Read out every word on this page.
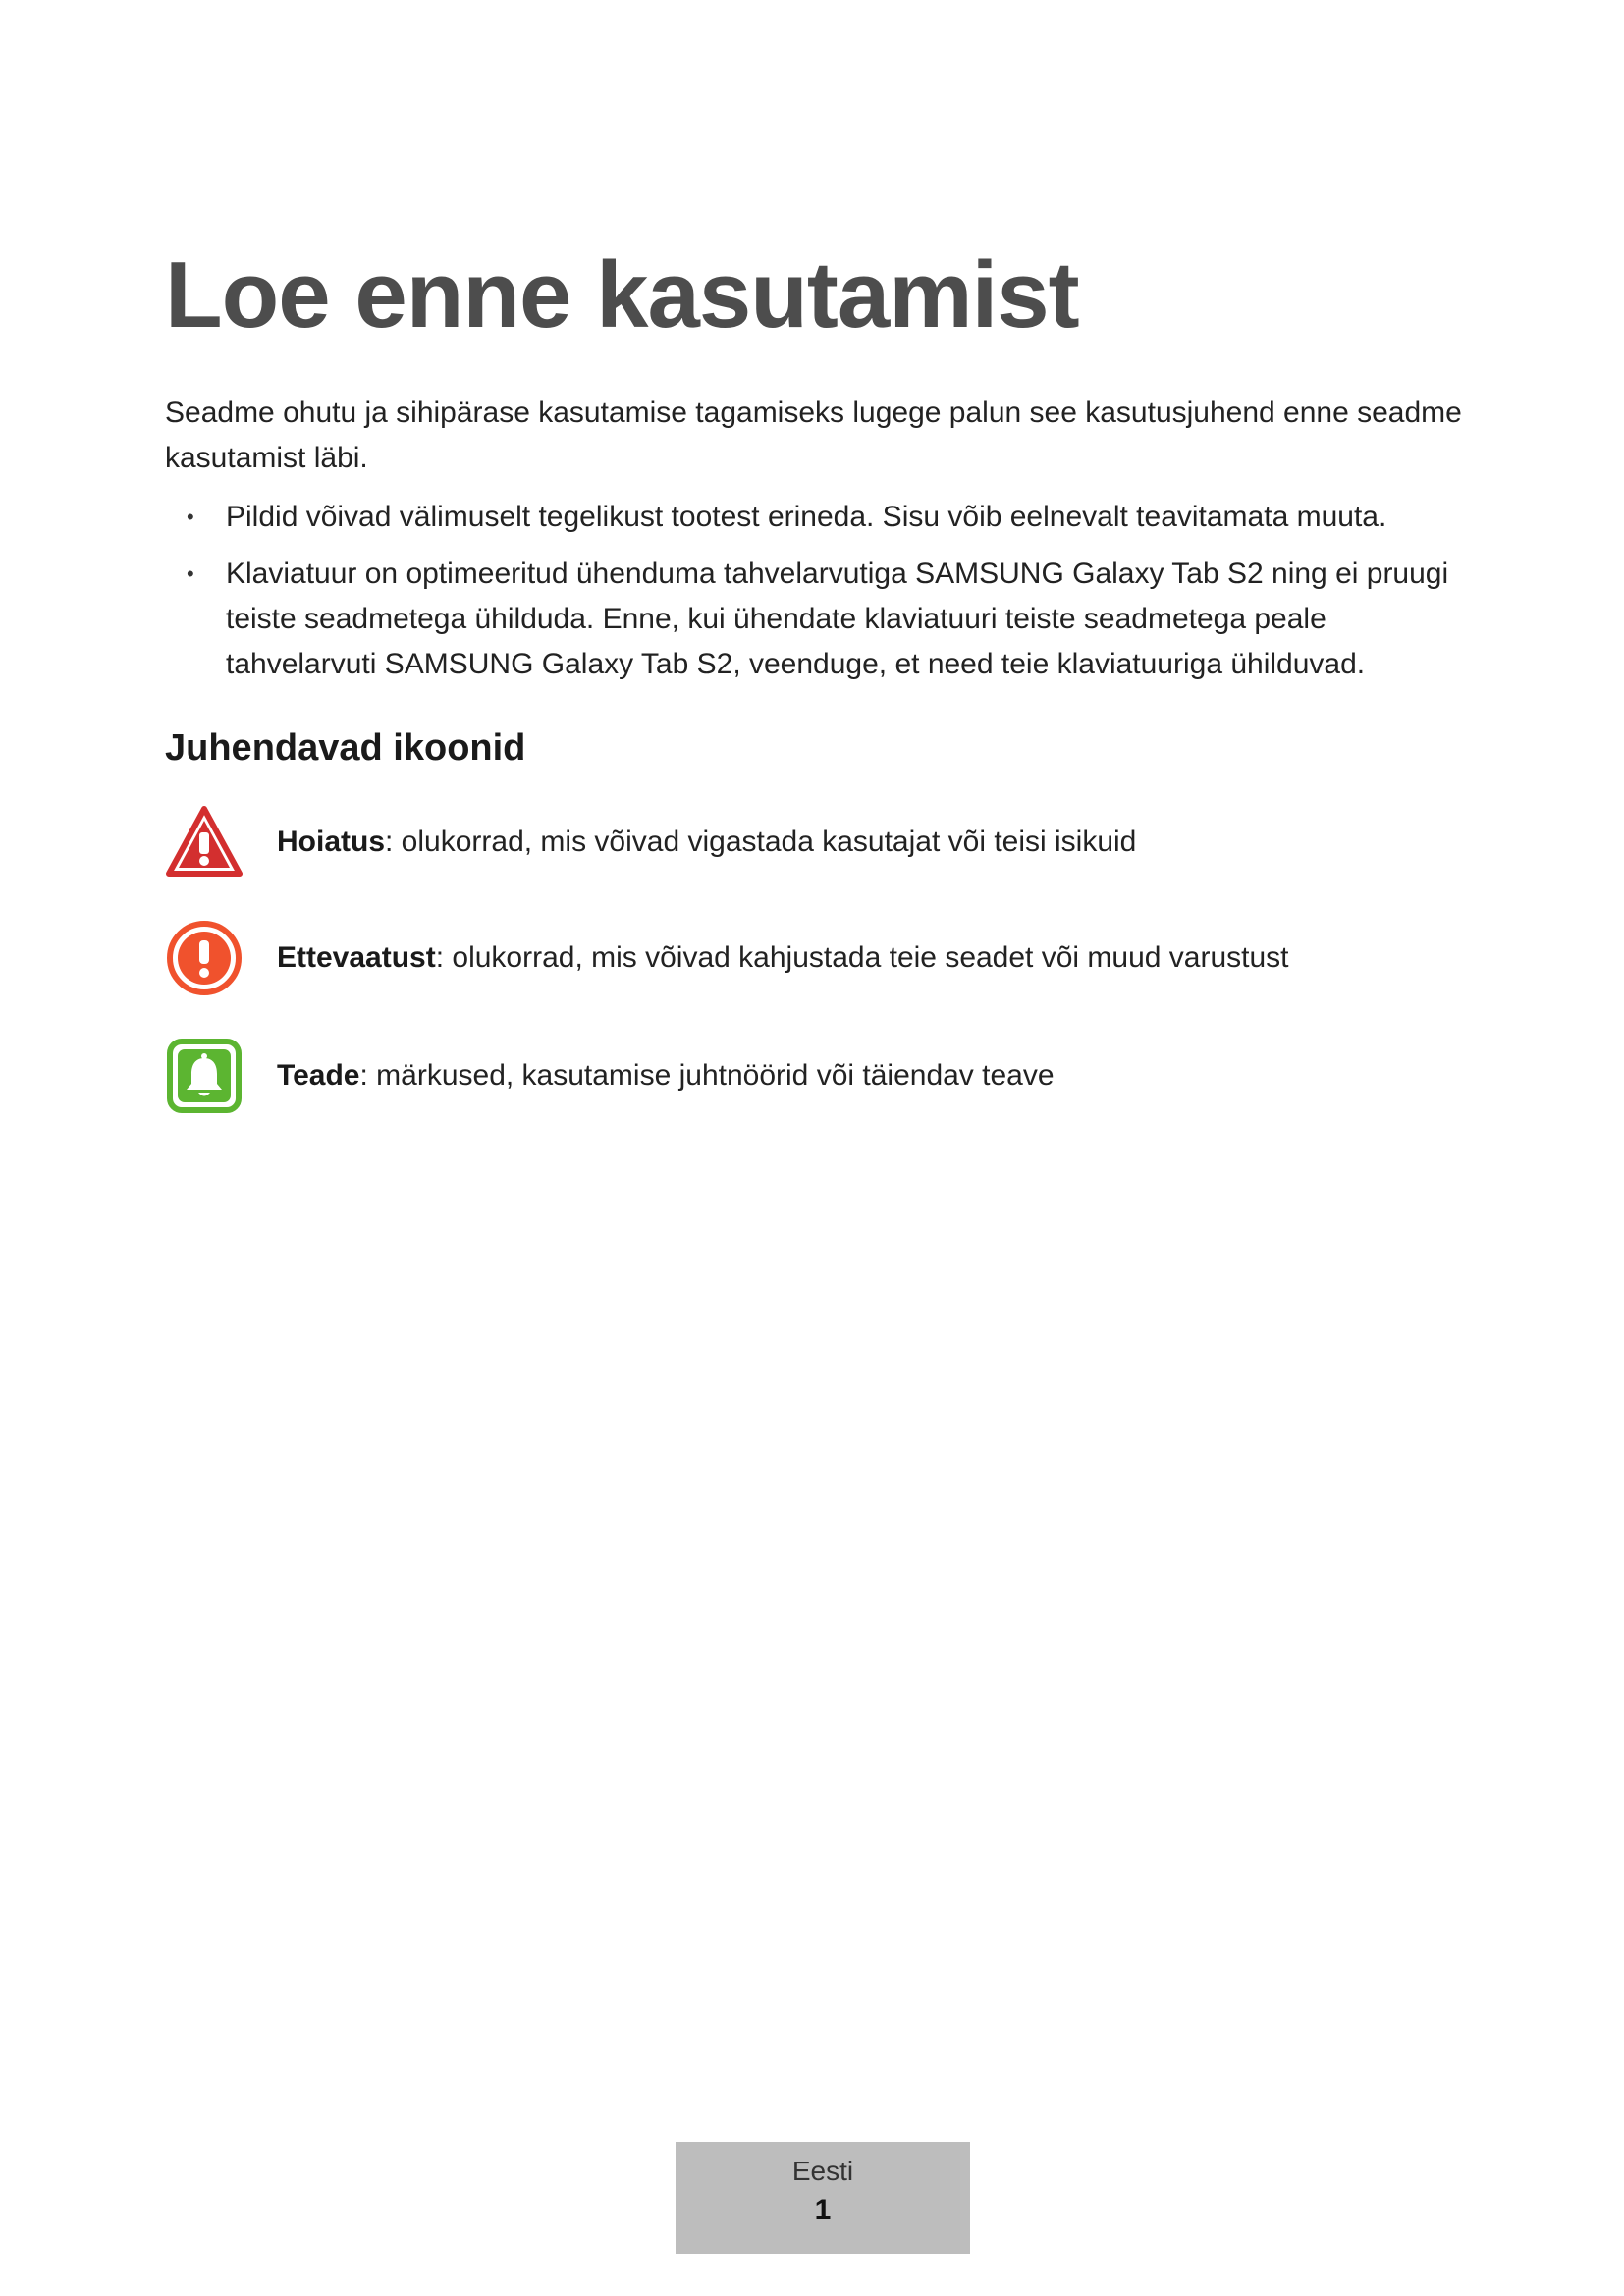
Loe enne kasutamist

Seadme ohutu ja sihipärase kasutamise tagamiseks lugege palun see kasutusjuhend enne seadme kasutamist läbi.

• Pildid võivad välimuselt tegelikust tootest erineda. Sisu võib eelnevalt teavitamata muuta.
• Klaviatuur on optimeeritud ühenduma tahvelarvutiga SAMSUNG Galaxy Tab S2 ning ei pruugi teiste seadmetega ühilduda. Enne, kui ühendate klaviatuuri teiste seadmetega peale tahvelarvuti SAMSUNG Galaxy Tab S2, veenduge, et need teie klaviatuuriga ühilduvad.
Juhendavad ikoonid
Hoiatus: olukorrad, mis võivad vigastada kasutajat või teisi isikuid
Ettevaatust: olukorrad, mis võivad kahjustada teie seadet või muud varustust
Teade: märkused, kasutamise juhtnöörid või täiendav teave
Eesti
1
